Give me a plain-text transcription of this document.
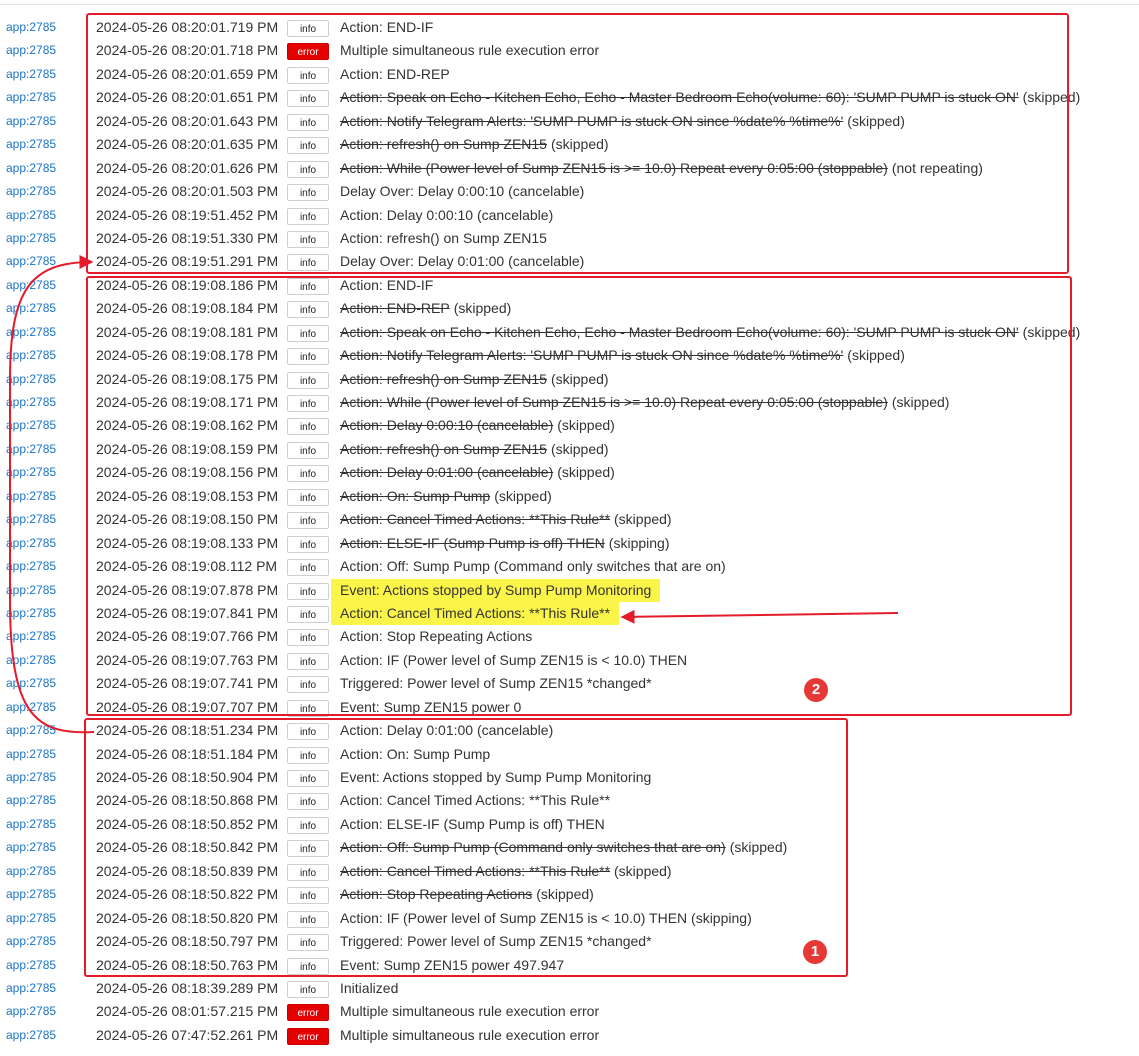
app:2785	2024-05-26 08:20:01.719 PM	info	Action: END-IF
app:2785	2024-05-26 08:20:01.718 PM	error	Multiple simultaneous rule execution error
app:2785	2024-05-26 08:20:01.659 PM	info	Action: END-REP
app:2785	2024-05-26 08:20:01.651 PM	info	Action: Speak on Echo - Kitchen Echo, Echo - Master Bedroom Echo(volume: 60): 'SUMP PUMP is stuck ON' (skipped)
app:2785	2024-05-26 08:20:01.643 PM	info	Action: Notify Telegram Alerts: 'SUMP PUMP is stuck ON since %date% %time%' (skipped)
app:2785	2024-05-26 08:20:01.635 PM	info	Action: refresh() on Sump ZEN15 (skipped)
app:2785	2024-05-26 08:20:01.626 PM	info	Action: While (Power level of Sump ZEN15 is >= 10.0) Repeat every 0:05:00 (stoppable) (not repeating)
app:2785	2024-05-26 08:20:01.503 PM	info	Delay Over: Delay 0:00:10 (cancelable)
app:2785	2024-05-26 08:19:51.452 PM	info	Action: Delay 0:00:10 (cancelable)
app:2785	2024-05-26 08:19:51.330 PM	info	Action: refresh() on Sump ZEN15
app:2785	2024-05-26 08:19:51.291 PM	info	Delay Over: Delay 0:01:00 (cancelable)
app:2785	2024-05-26 08:19:08.186 PM	info	Action: END-IF
app:2785	2024-05-26 08:19:08.184 PM	info	Action: END-REP (skipped)
app:2785	2024-05-26 08:19:08.181 PM	info	Action: Speak on Echo - Kitchen Echo, Echo - Master Bedroom Echo(volume: 60): 'SUMP PUMP is stuck ON' (skipped)
app:2785	2024-05-26 08:19:08.178 PM	info	Action: Notify Telegram Alerts: 'SUMP PUMP is stuck ON since %date% %time%' (skipped)
app:2785	2024-05-26 08:19:08.175 PM	info	Action: refresh() on Sump ZEN15 (skipped)
app:2785	2024-05-26 08:19:08.171 PM	info	Action: While (Power level of Sump ZEN15 is >= 10.0) Repeat every 0:05:00 (stoppable) (skipped)
app:2785	2024-05-26 08:19:08.162 PM	info	Action: Delay 0:00:10 (cancelable) (skipped)
app:2785	2024-05-26 08:19:08.159 PM	info	Action: refresh() on Sump ZEN15 (skipped)
app:2785	2024-05-26 08:19:08.156 PM	info	Action: Delay 0:01:00 (cancelable) (skipped)
app:2785	2024-05-26 08:19:08.153 PM	info	Action: On: Sump Pump (skipped)
app:2785	2024-05-26 08:19:08.150 PM	info	Action: Cancel Timed Actions: **This Rule** (skipped)
app:2785	2024-05-26 08:19:08.133 PM	info	Action: ELSE-IF (Sump Pump is off) THEN (skipping)
app:2785	2024-05-26 08:19:08.112 PM	info	Action: Off: Sump Pump (Command only switches that are on)
app:2785	2024-05-26 08:19:07.878 PM	info	Event: Actions stopped by Sump Pump Monitoring
app:2785	2024-05-26 08:19:07.841 PM	info	Action: Cancel Timed Actions: **This Rule**
app:2785	2024-05-26 08:19:07.766 PM	info	Action: Stop Repeating Actions
app:2785	2024-05-26 08:19:07.763 PM	info	Action: IF (Power level of Sump ZEN15 is < 10.0) THEN
app:2785	2024-05-26 08:19:07.741 PM	info	Triggered: Power level of Sump ZEN15 *changed*
app:2785	2024-05-26 08:19:07.707 PM	info	Event: Sump ZEN15 power 0
app:2785	2024-05-26 08:18:51.234 PM	info	Action: Delay 0:01:00 (cancelable)
app:2785	2024-05-26 08:18:51.184 PM	info	Action: On: Sump Pump
app:2785	2024-05-26 08:18:50.904 PM	info	Event: Actions stopped by Sump Pump Monitoring
app:2785	2024-05-26 08:18:50.868 PM	info	Action: Cancel Timed Actions: **This Rule**
app:2785	2024-05-26 08:18:50.852 PM	info	Action: ELSE-IF (Sump Pump is off) THEN
app:2785	2024-05-26 08:18:50.842 PM	info	Action: Off: Sump Pump (Command only switches that are on) (skipped)
app:2785	2024-05-26 08:18:50.839 PM	info	Action: Cancel Timed Actions: **This Rule** (skipped)
app:2785	2024-05-26 08:18:50.822 PM	info	Action: Stop Repeating Actions (skipped)
app:2785	2024-05-26 08:18:50.820 PM	info	Action: IF (Power level of Sump ZEN15 is < 10.0) THEN (skipping)
app:2785	2024-05-26 08:18:50.797 PM	info	Triggered: Power level of Sump ZEN15 *changed*
app:2785	2024-05-26 08:18:50.763 PM	info	Event: Sump ZEN15 power 497.947
app:2785	2024-05-26 08:18:39.289 PM	info	Initialized
app:2785	2024-05-26 08:01:57.215 PM	error	Multiple simultaneous rule execution error
app:2785	2024-05-26 07:47:52.261 PM	error	Multiple simultaneous rule execution error
2
1
